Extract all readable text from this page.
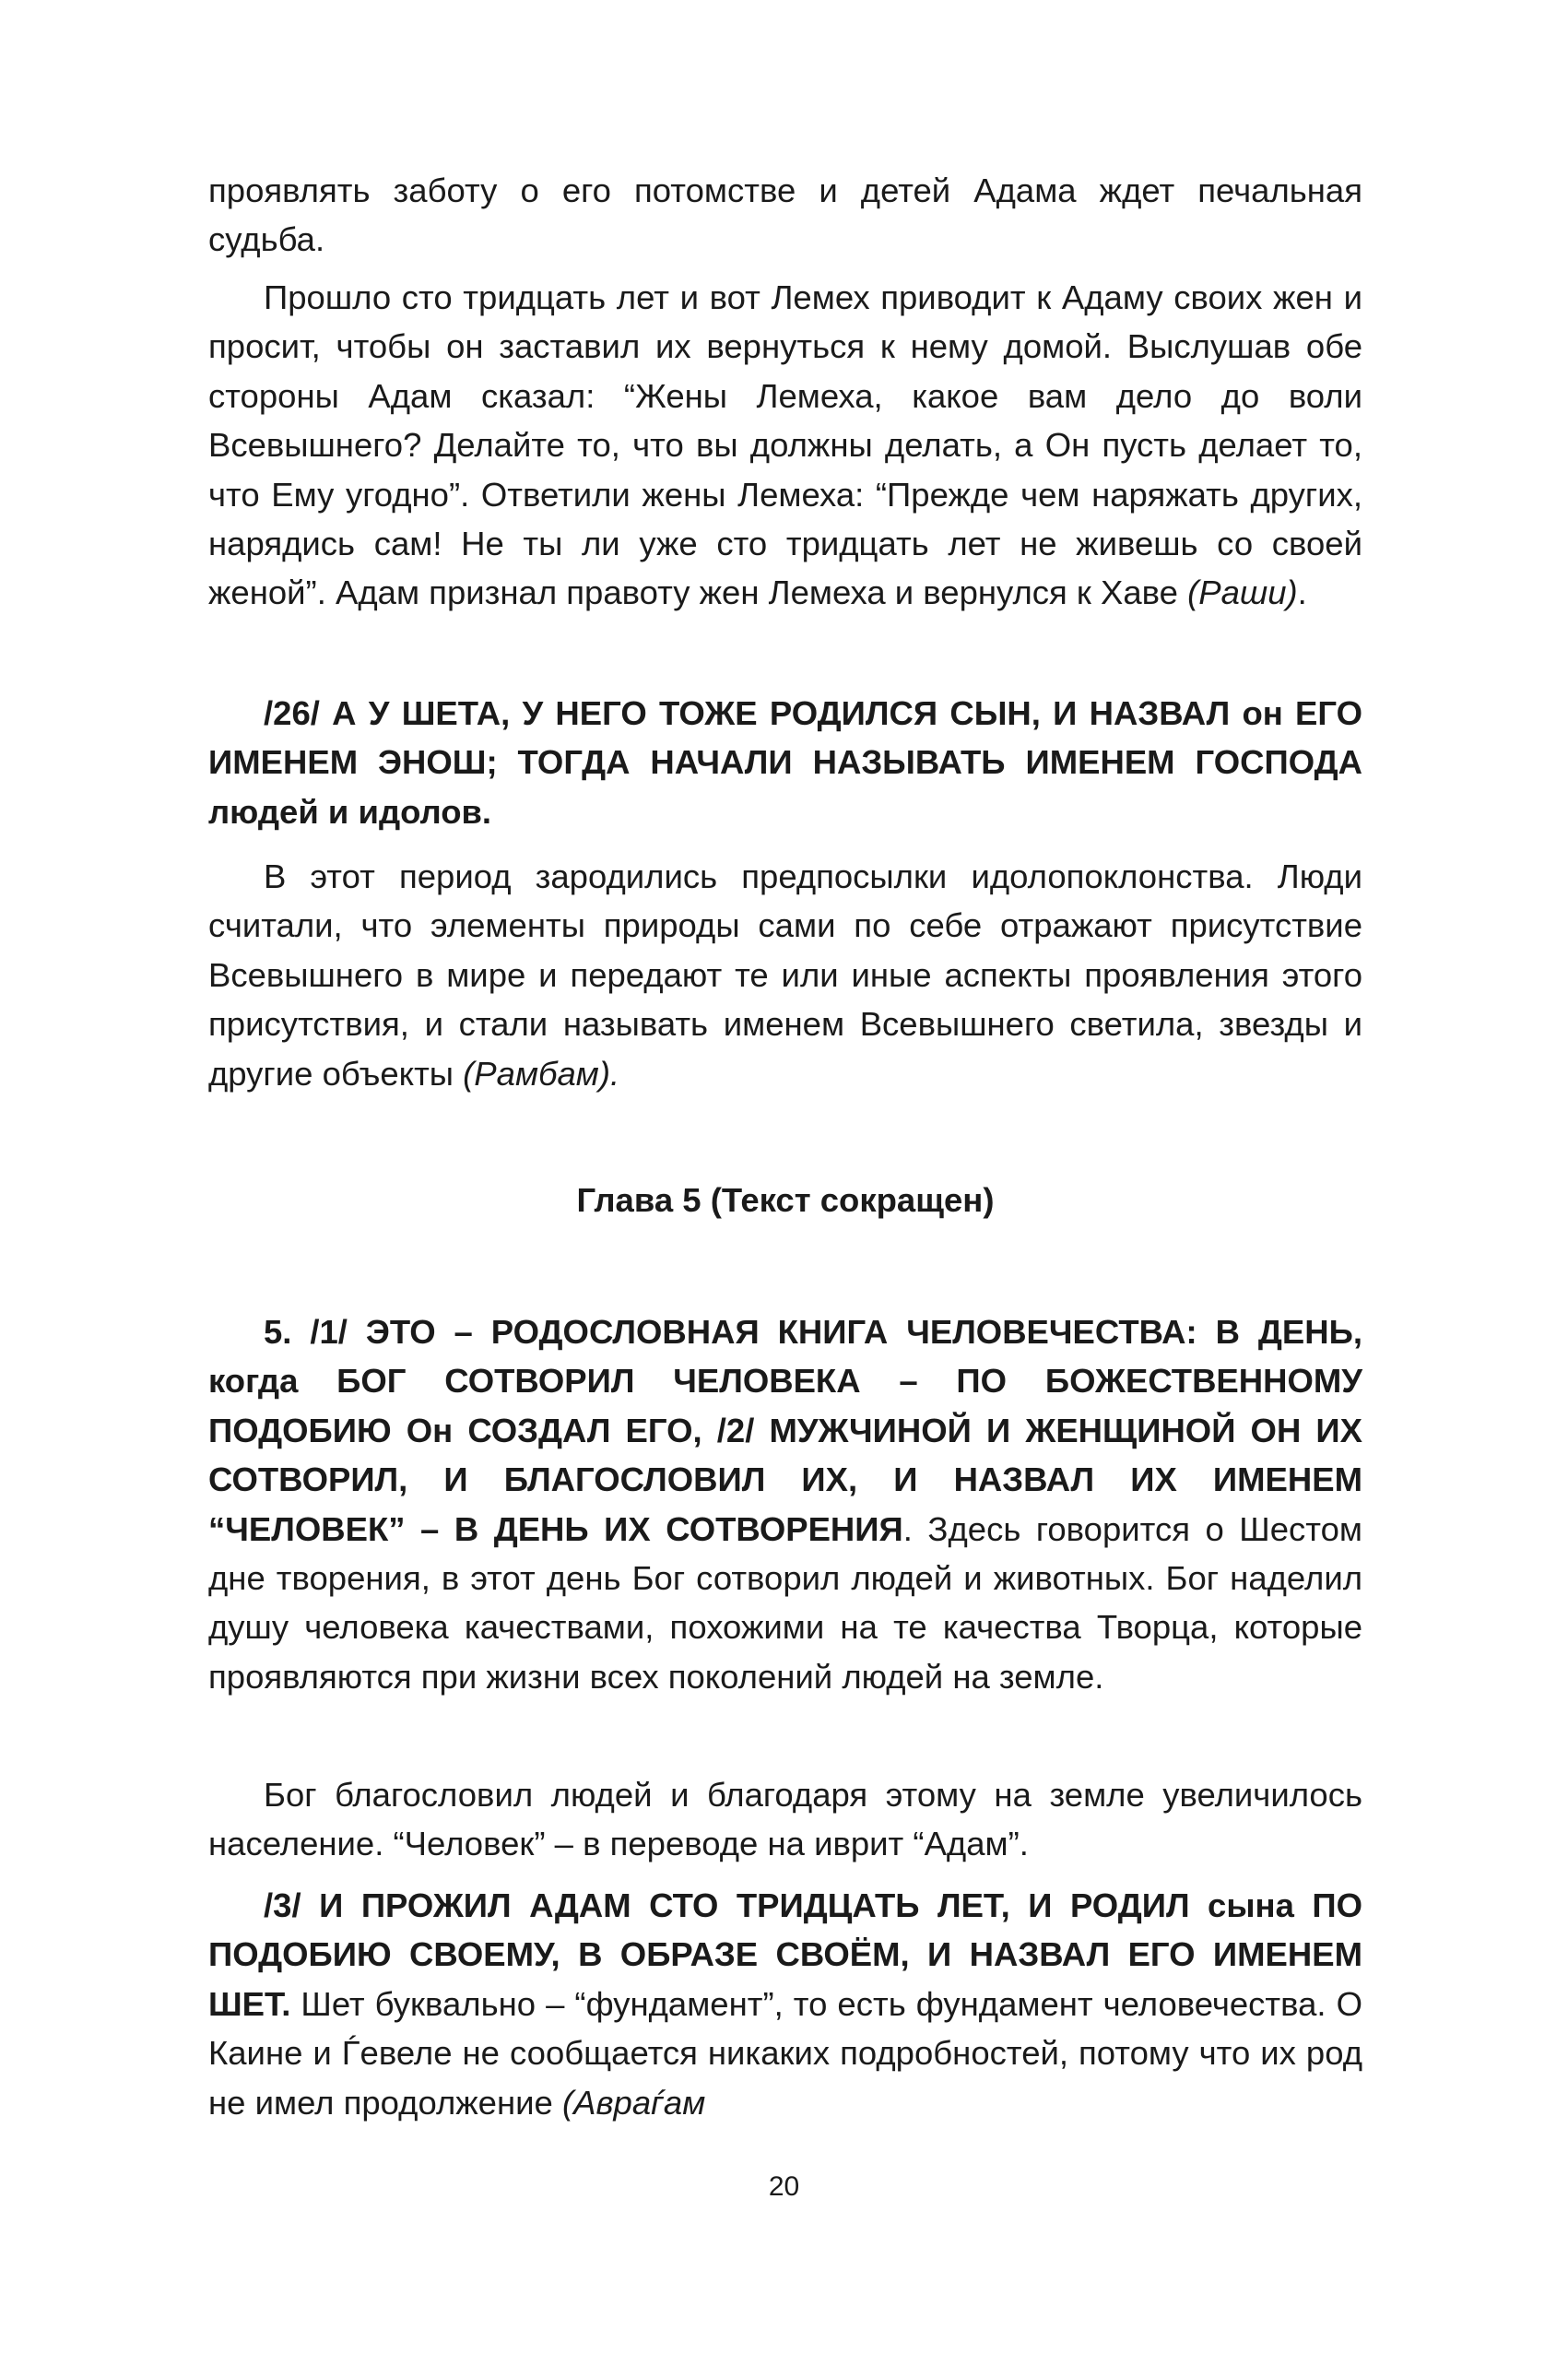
проявлять заботу о его потомстве и детей Адама ждет печальная судьба.

Прошло сто тридцать лет и вот Лемех приводит к Адаму своих жен и просит, чтобы он заставил их вернуться к нему домой. Выслушав обе стороны Адам сказал: “Жены Лемеха, какое вам дело до воли Всевышнего? Делайте то, что вы должны делать, а Он пусть делает то, что Ему угодно”. Ответили жены Лемеха: “Прежде чем наряжать других, нарядись сам! Не ты ли уже сто тридцать лет не живешь со своей женой”. Адам признал правоту жен Лемеха и вернулся к Хаве (Раши).

/26/ А У ШЕТА, У НЕГО ТОЖЕ РОДИЛСЯ СЫН, И НАЗВАЛ он ЕГО ИМЕНЕМ ЭНОШ; ТОГДА НАЧАЛИ НАЗЫВАТЬ ИМЕНЕМ ГОСПОДА людей и идолов.

В этот период зародились предпосылки идолопоклонства. Люди считали, что элементы природы сами по себе отражают присутствие Всевышнего в мире и передают те или иные аспекты проявления этого присутствия, и стали называть именем Всевышнего светила, звезды и другие объекты (Рамбам).

Глава 5 (Текст сокращен)

5. /1/ ЭТО – РОДОСЛОВНАЯ КНИГА ЧЕЛОВЕЧЕСТВА: В ДЕНЬ, когда БОГ СОТВОРИЛ ЧЕЛОВЕКА – ПО БОЖЕСТВЕННОМУ ПОДОБИЮ Он СОЗДАЛ ЕГО, /2/ МУЖЧИНОЙ И ЖЕНЩИНОЙ ОН ИХ СОТВОРИЛ, И БЛАГОСЛОВИЛ ИХ, И НАЗВАЛ ИХ ИМЕНЕМ “ЧЕЛОВЕК” – В ДЕНЬ ИХ СОТВОРЕНИЯ. Здесь говорится о Шестом дне творения, в этот день Бог сотворил людей и животных. Бог наделил душу человека качествами, похожими на те качества Творца, которые проявляются при жизни всех поколений людей на земле.

Бог благословил людей и благодаря этому на земле увеличилось население. “Человек” – в переводе на иврит “Адам”.

/3/ И ПРОЖИЛ АДАМ СТО ТРИДЦАТЬ ЛЕТ, И РОДИЛ сына ПО ПОДОБИЮ СВОЕМУ, В ОБРАЗЕ СВОЁМ, И НАЗВАЛ ЕГО ИМЕНЕМ ШЕТ. Шет буквально – “фундамент”, то есть фундамент человечества. О Каине и Ѓевеле не сообщается никаких подробностей, потому что их род не имел продолжение (Авраѓам

20
